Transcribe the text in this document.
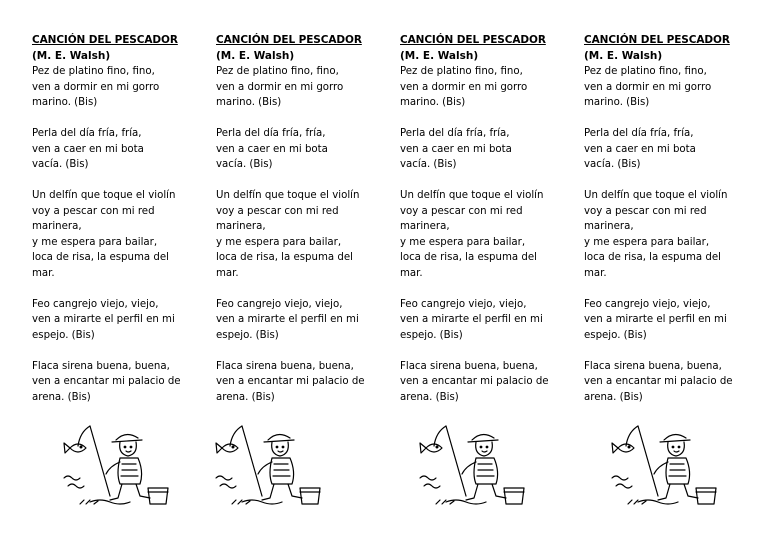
CANCIÓN DEL PESCADOR
(M. E. Walsh)
Pez de platino fino, fino,
ven a dormir en mi gorro
marino. (Bis)
Perla del día fría, fría,
ven a caer en mi bota
vacía. (Bis)
Un delfín que toque el violín
voy a pescar con mi red
marinera,
y me espera para bailar,
loca de risa, la espuma del
mar.
Feo cangrejo viejo, viejo,
ven a mirarte el perfil en mi
espejo. (Bis)
Flaca sirena buena, buena,
ven a encantar mi palacio de
arena. (Bis)
CANCIÓN DEL PESCADOR
(M. E. Walsh)
Pez de platino fino, fino,
ven a dormir en mi gorro
marino. (Bis)
Perla del día fría, fría,
ven a caer en mi bota
vacía. (Bis)
Un delfín que toque el violín
voy a pescar con mi red
marinera,
y me espera para bailar,
loca de risa, la espuma del
mar.
Feo cangrejo viejo, viejo,
ven a mirarte el perfil en mi
espejo. (Bis)
Flaca sirena buena, buena,
ven a encantar mi palacio de
arena. (Bis)
CANCIÓN DEL PESCADOR
(M. E. Walsh)
Pez de platino fino, fino,
ven a dormir en mi gorro
marino. (Bis)
Perla del día fría, fría,
ven a caer en mi bota
vacía. (Bis)
Un delfín que toque el violín
voy a pescar con mi red
marinera,
y me espera para bailar,
loca de risa, la espuma del
mar.
Feo cangrejo viejo, viejo,
ven a mirarte el perfil en mi
espejo. (Bis)
Flaca sirena buena, buena,
ven a encantar mi palacio de
arena. (Bis)
CANCIÓN DEL PESCADOR
(M. E. Walsh)
Pez de platino fino, fino,
ven a dormir en mi gorro
marino. (Bis)
Perla del día fría, fría,
ven a caer en mi bota
vacía. (Bis)
Un delfín que toque el violín
voy a pescar con mi red
marinera,
y me espera para bailar,
loca de risa, la espuma del
mar.
Feo cangrejo viejo, viejo,
ven a mirarte el perfil en mi
espejo. (Bis)
Flaca sirena buena, buena,
ven a encantar mi palacio de
arena. (Bis)
